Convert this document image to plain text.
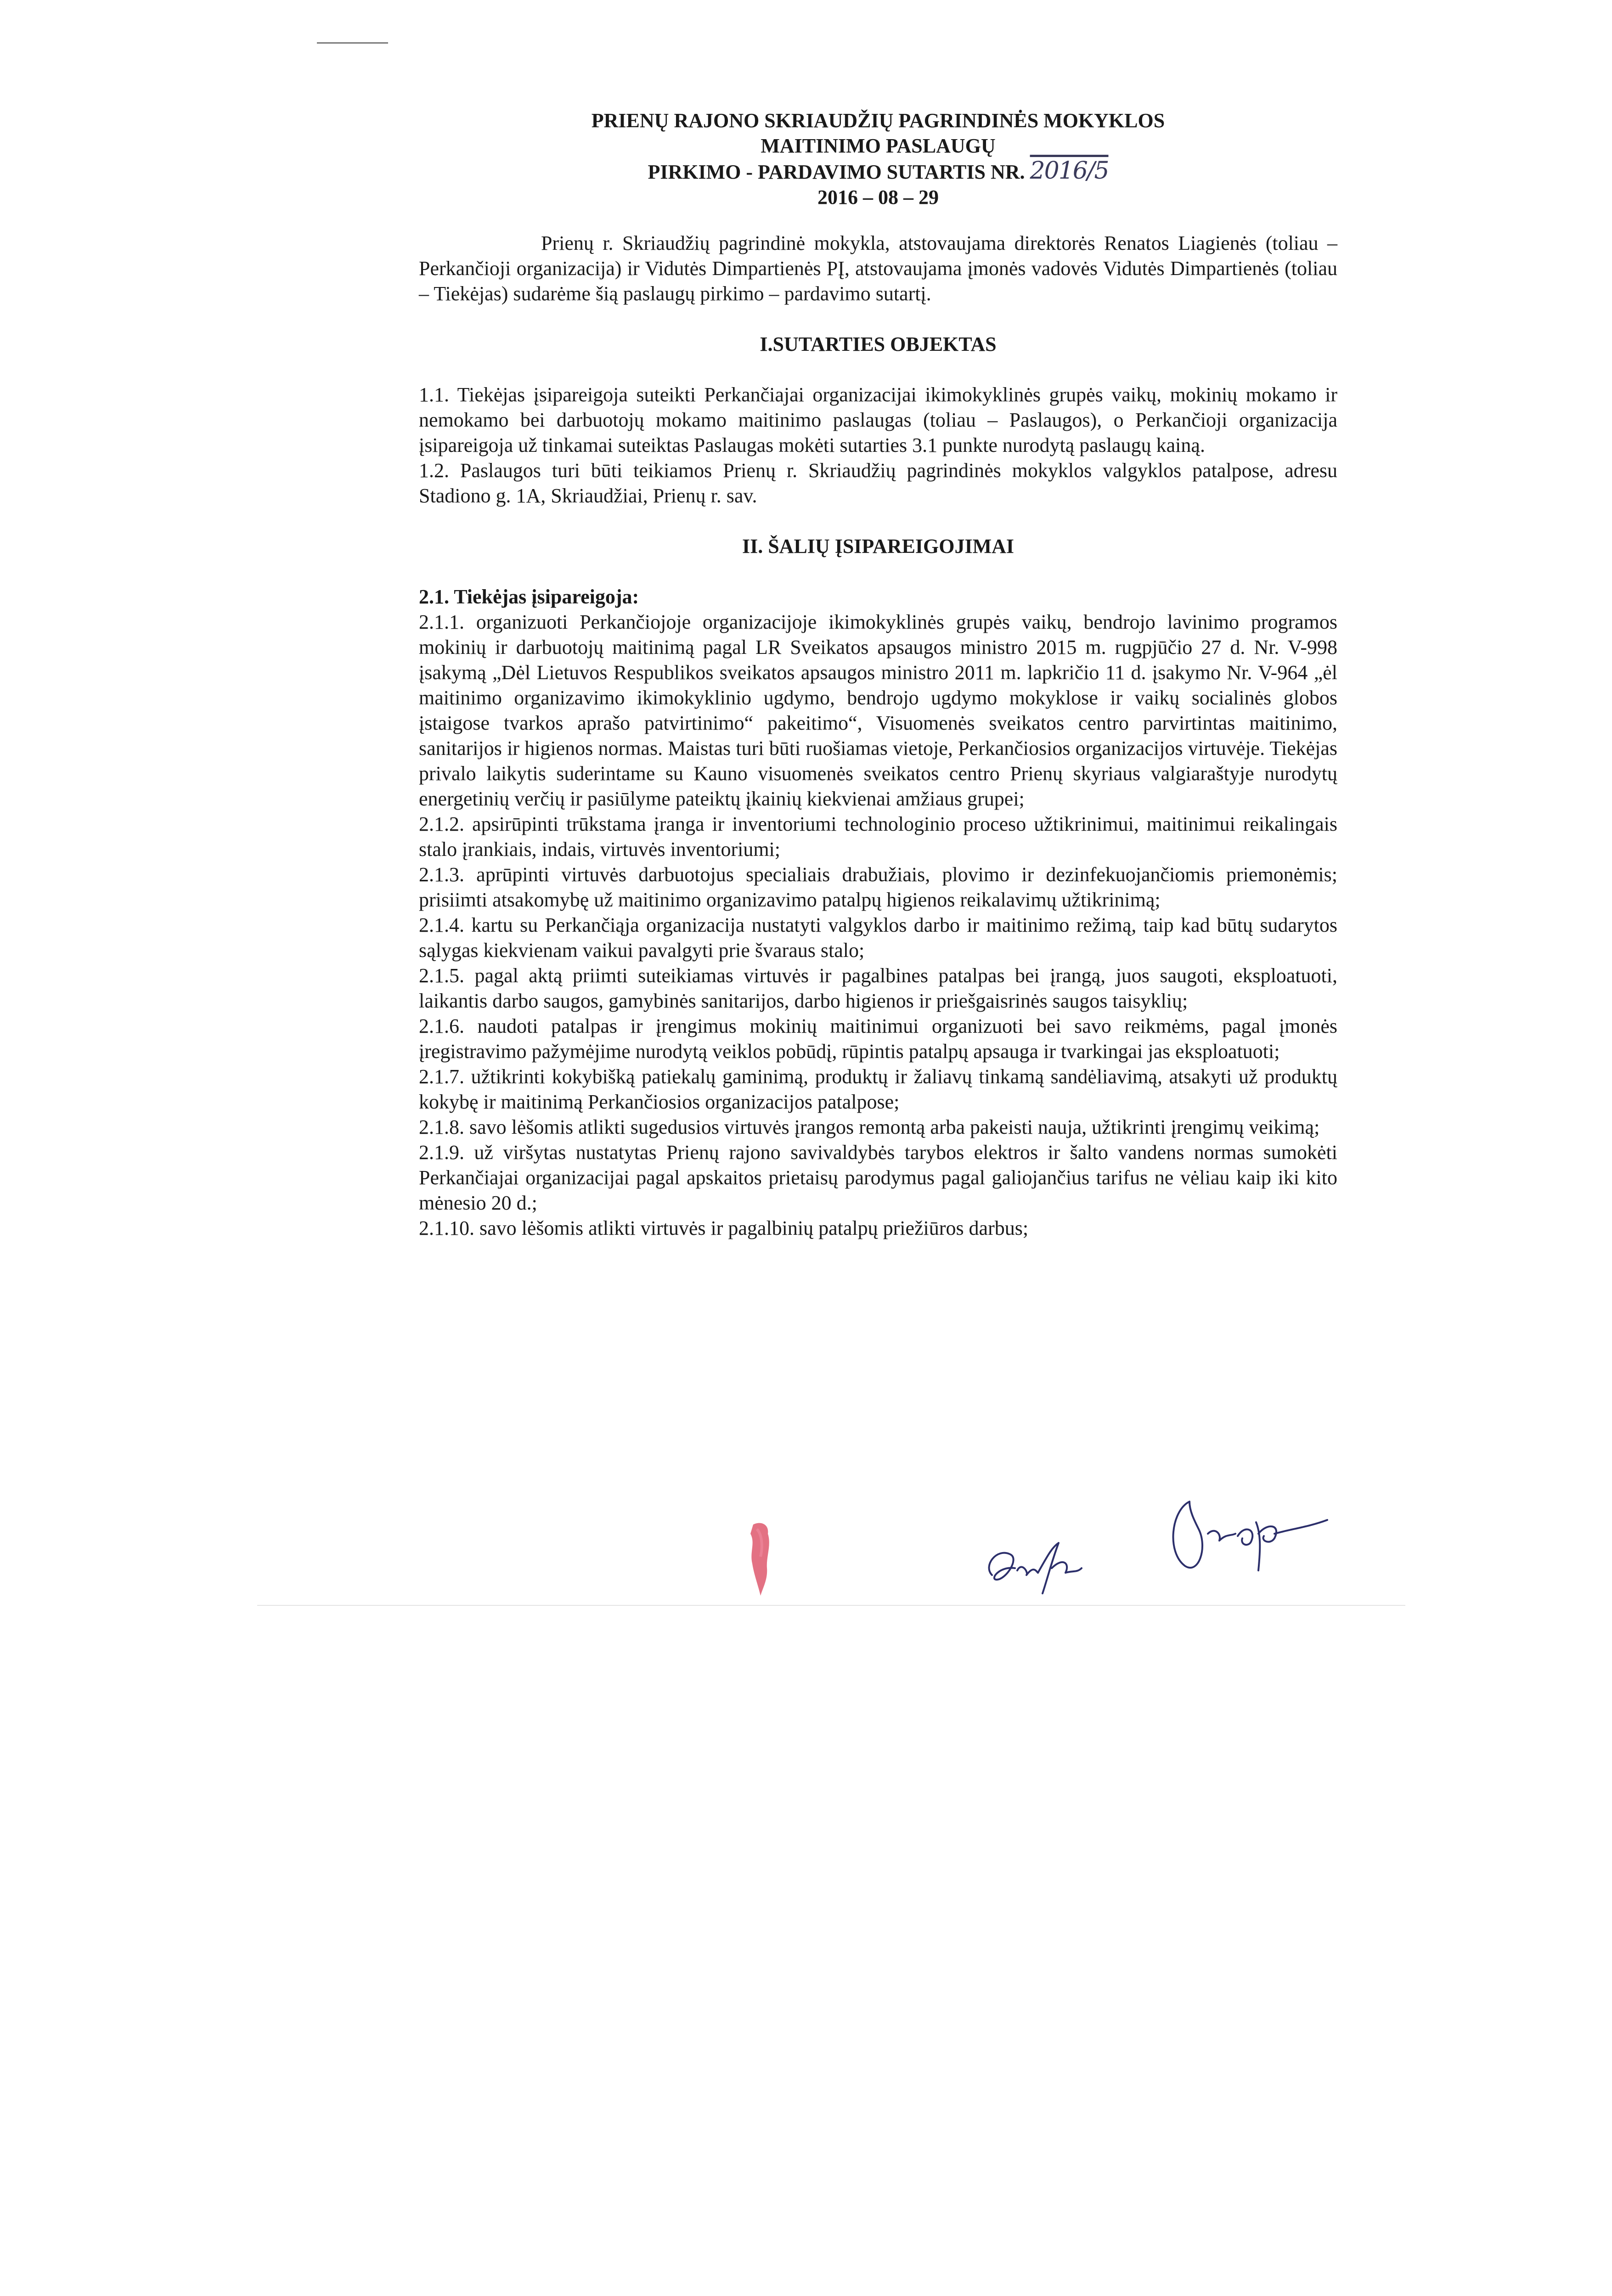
PRIENŲ RAJONO SKRIAUDŽIŲ PAGRINDINĖS MOKYKLOS
MAITINIMO PASLAUGŲ
PIRKIMO - PARDAVIMO SUTARTIS NR. 2016/5
2016 – 08 – 29

Prienų r. Skriaudžių pagrindinė mokykla, atstovaujama direktorės Renatos Liagienės (toliau – Perkančioji organizacija) ir Vidutės Dimpartienės PĮ, atstovaujama įmonės vadovės Vidutės Dimpartienės (toliau – Tiekėjas) sudarėme šią paslaugų pirkimo – pardavimo sutartį.

I.SUTARTIES OBJEKTAS

1.1. Tiekėjas įsipareigoja suteikti Perkančiajai organizacijai ikimokyklinės grupės vaikų, mokinių mokamo ir nemokamo bei darbuotojų mokamo maitinimo paslaugas (toliau – Paslaugos), o Perkančioji organizacija įsipareigoja už tinkamai suteiktas Paslaugas mokėti sutarties 3.1 punkte nurodytą paslaugų kainą.

1.2. Paslaugos turi būti teikiamos Prienų r. Skriaudžių pagrindinės mokyklos valgyklos patalpose, adresu Stadiono g. 1A, Skriaudžiai, Prienų r. sav.

II. ŠALIŲ ĮSIPAREIGOJIMAI

2.1. Tiekėjas įsipareigoja:

2.1.1. organizuoti Perkančiojoje organizacijoje ikimokyklinės grupės vaikų, bendrojo lavinimo programos mokinių ir darbuotojų maitinimą pagal LR Sveikatos apsaugos ministro 2015 m. rugpjūčio 27 d. Nr. V-998 įsakymą „Dėl Lietuvos Respublikos sveikatos apsaugos ministro 2011 m. lapkričio 11 d. įsakymo Nr. V-964 „ėl maitinimo organizavimo ikimokyklinio ugdymo, bendrojo ugdymo mokyklose ir vaikų socialinės globos įstaigose tvarkos aprašo patvirtinimo“ pakeitimo“, Visuomenės sveikatos centro parvirtintas maitinimo, sanitarijos ir higienos normas. Maistas turi būti ruošiamas vietoje, Perkančiosios organizacijos virtuvėje. Tiekėjas privalo laikytis suderintame su Kauno visuomenės sveikatos centro Prienų skyriaus valgiaraštyje nurodytų energetinių verčių ir pasiūlyme pateiktų įkainių kiekvienai amžiaus grupei;

2.1.2. apsirūpinti trūkstama įranga ir inventoriumi technologinio proceso užtikrinimui, maitinimui reikalingais stalo įrankiais, indais, virtuvės inventoriumi;

2.1.3. aprūpinti virtuvės darbuotojus specialiais drabužiais, plovimo ir dezinfekuojančiomis priemonėmis; prisiimti atsakomybę už maitinimo organizavimo patalpų higienos reikalavimų užtikrinimą;

2.1.4. kartu su Perkančiąja organizacija nustatyti valgyklos darbo ir maitinimo režimą, taip kad būtų sudarytos sąlygas kiekvienam vaikui pavalgyti prie švaraus stalo;

2.1.5. pagal aktą priimti suteikiamas virtuvės ir pagalbines patalpas bei įrangą, juos saugoti, eksploatuoti, laikantis darbo saugos, gamybinės sanitarijos, darbo higienos ir priešgaisrinės saugos taisyklių;

2.1.6. naudoti patalpas ir įrengimus mokinių maitinimui organizuoti bei savo reikmėms, pagal įmonės įregistravimo pažymėjime nurodytą veiklos pobūdį, rūpintis patalpų apsauga ir tvarkingai jas eksploatuoti;

2.1.7. užtikrinti kokybišką patiekalų gaminimą, produktų ir žaliavų tinkamą sandėliavimą, atsakyti už produktų kokybę ir maitinimą Perkančiosios organizacijos patalpose;

2.1.8. savo lėšomis atlikti sugedusios virtuvės įrangos remontą arba pakeisti nauja, užtikrinti įrengimų veikimą;

2.1.9. už viršytas nustatytas Prienų rajono savivaldybės tarybos elektros ir šalto vandens normas sumokėti Perkančiajai organizacijai pagal apskaitos prietaisų parodymus pagal galiojančius tarifus ne vėliau kaip iki kito mėnesio 20 d.;

2.1.10. savo lėšomis atlikti virtuvės ir pagalbinių patalpų priežiūros darbus;
